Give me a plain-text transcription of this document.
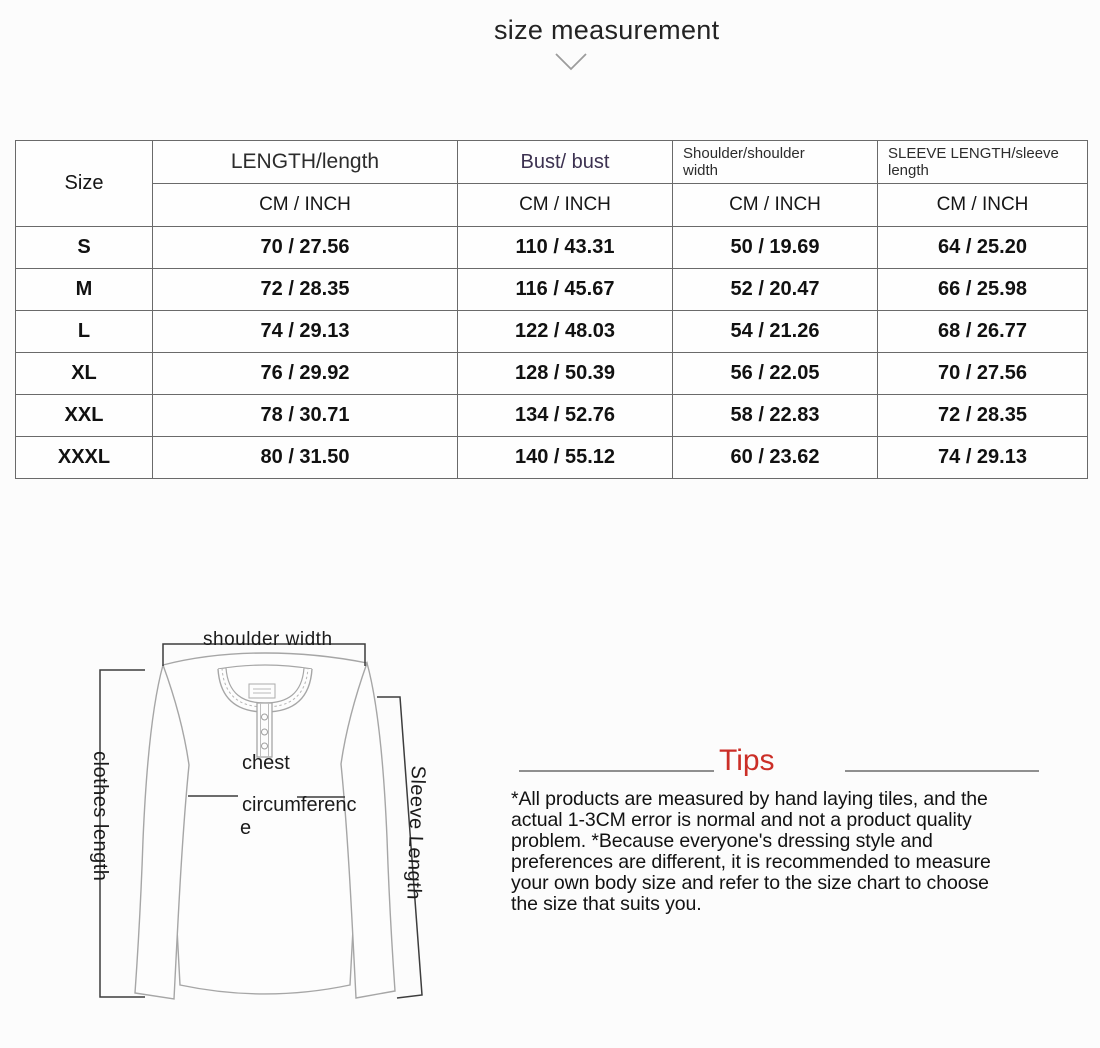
size measurement
Size	LENGTH/length	Bust/ bust	Shoulder/shoulder width	SLEEVE LENGTH/sleeve length

	CM / INCH	CM / INCH	CM / INCH	CM / INCH
S	70 / 27.56	110 / 43.31	50 / 19.69	64 / 25.20
M	72 / 28.35	116 / 45.67	52 / 20.47	66 / 25.98
L	74 / 29.13	122 / 48.03	54 / 21.26	68 / 26.77
XL	76 / 29.92	128 / 50.39	56 / 22.05	70 / 27.56
XXL	78 / 30.71	134 / 52.76	58 / 22.83	72 / 28.35
XXXL	80 / 31.50	140 / 55.12	60 / 23.62	74 / 29.13
shoulder width
clothes length	chest
circumferenc
e	Sleeve Length
Tips
*All products are measured by hand laying tiles, and the
actual 1-3CM error is normal and not a product quality
problem. *Because everyone's dressing style and
preferences are different, it is recommended to measure
your own body size and refer to the size chart to choose
the size that suits you.
